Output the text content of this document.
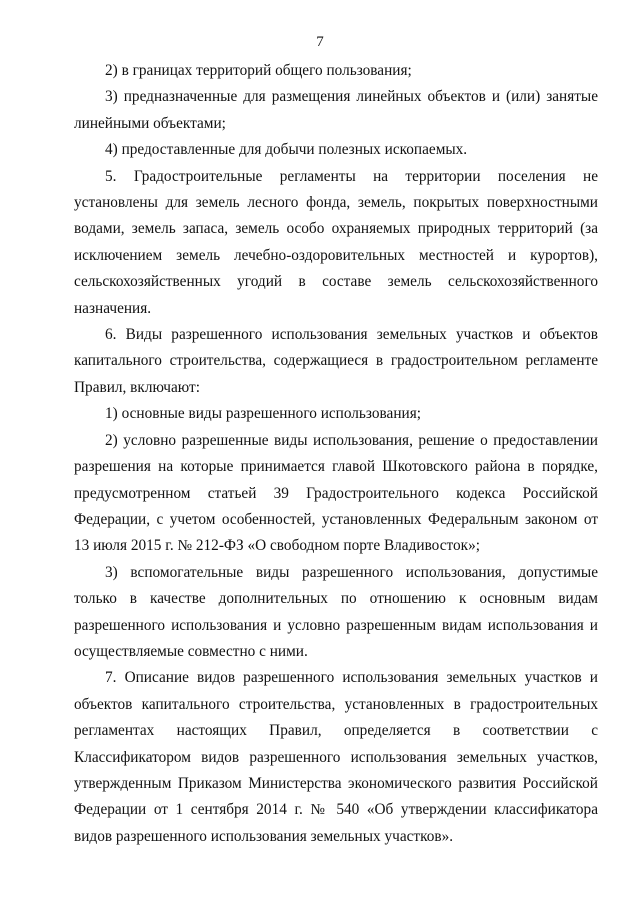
7

2) в границах территорий общего пользования;

3) предназначенные для размещения линейных объектов и (или) занятые линейными объектами;

4) предоставленные для добычи полезных ископаемых.

5. Градостроительные регламенты на территории поселения не установлены для земель лесного фонда, земель, покрытых поверхностными водами, земель запаса, земель особо охраняемых природных территорий (за исключением земель лечебно-оздоровительных местностей и курортов), сельскохозяйственных угодий в составе земель сельскохозяйственного назначения.

6. Виды разрешенного использования земельных участков и объектов капитального строительства, содержащиеся в градостроительном регламенте Правил, включают:

1) основные виды разрешенного использования;

2) условно разрешенные виды использования, решение о предоставлении разрешения на которые принимается главой Шкотовского района в порядке, предусмотренном статьей 39 Градостроительного кодекса Российской Федерации, с учетом особенностей, установленных Федеральным законом от 13 июля 2015 г. № 212-ФЗ «О свободном порте Владивосток»;

3) вспомогательные виды разрешенного использования, допустимые только в качестве дополнительных по отношению к основным видам разрешенного использования и условно разрешенным видам использования и осуществляемые совместно с ними.

7. Описание видов разрешенного использования земельных участков и объектов капитального строительства, установленных в градостроительных регламентах настоящих Правил, определяется в соответствии с Классификатором видов разрешенного использования земельных участков, утвержденным Приказом Министерства экономического развития Российской Федерации от 1 сентября 2014 г. № 540 «Об утверждении классификатора видов разрешенного использования земельных участков».
